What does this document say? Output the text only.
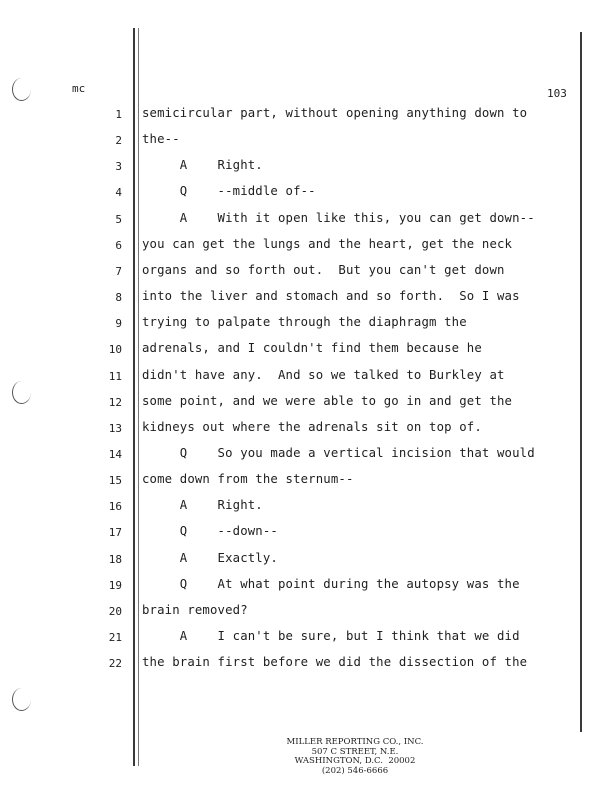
mc	103
1 semicircular part, without opening anything down to
2 the--
3 A    Right.
4 Q    --middle of--
5 A    With it open like this, you can get down--
6 you can get the lungs and the heart, get the neck
7 organs and so forth out.  But you can't get down
8 into the liver and stomach and so forth.  So I was
9 trying to palpate through the diaphragm the
10 adrenals, and I couldn't find them because he
11 didn't have any.  And so we talked to Burkley at
12 some point, and we were able to go in and get the
13 kidneys out where the adrenals sit on top of.
14 Q    So you made a vertical incision that would
15 come down from the sternum--
16 A    Right.
17 Q    --down--
18 A    Exactly.
19 Q    At what point during the autopsy was the
20 brain removed?
21 A    I can't be sure, but I think that we did
22 the brain first before we did the dissection of the
MILLER REPORTING CO., INC.
507 C STREET, N.E.
WASHINGTON, D.C.  20002
(202) 546-6666
